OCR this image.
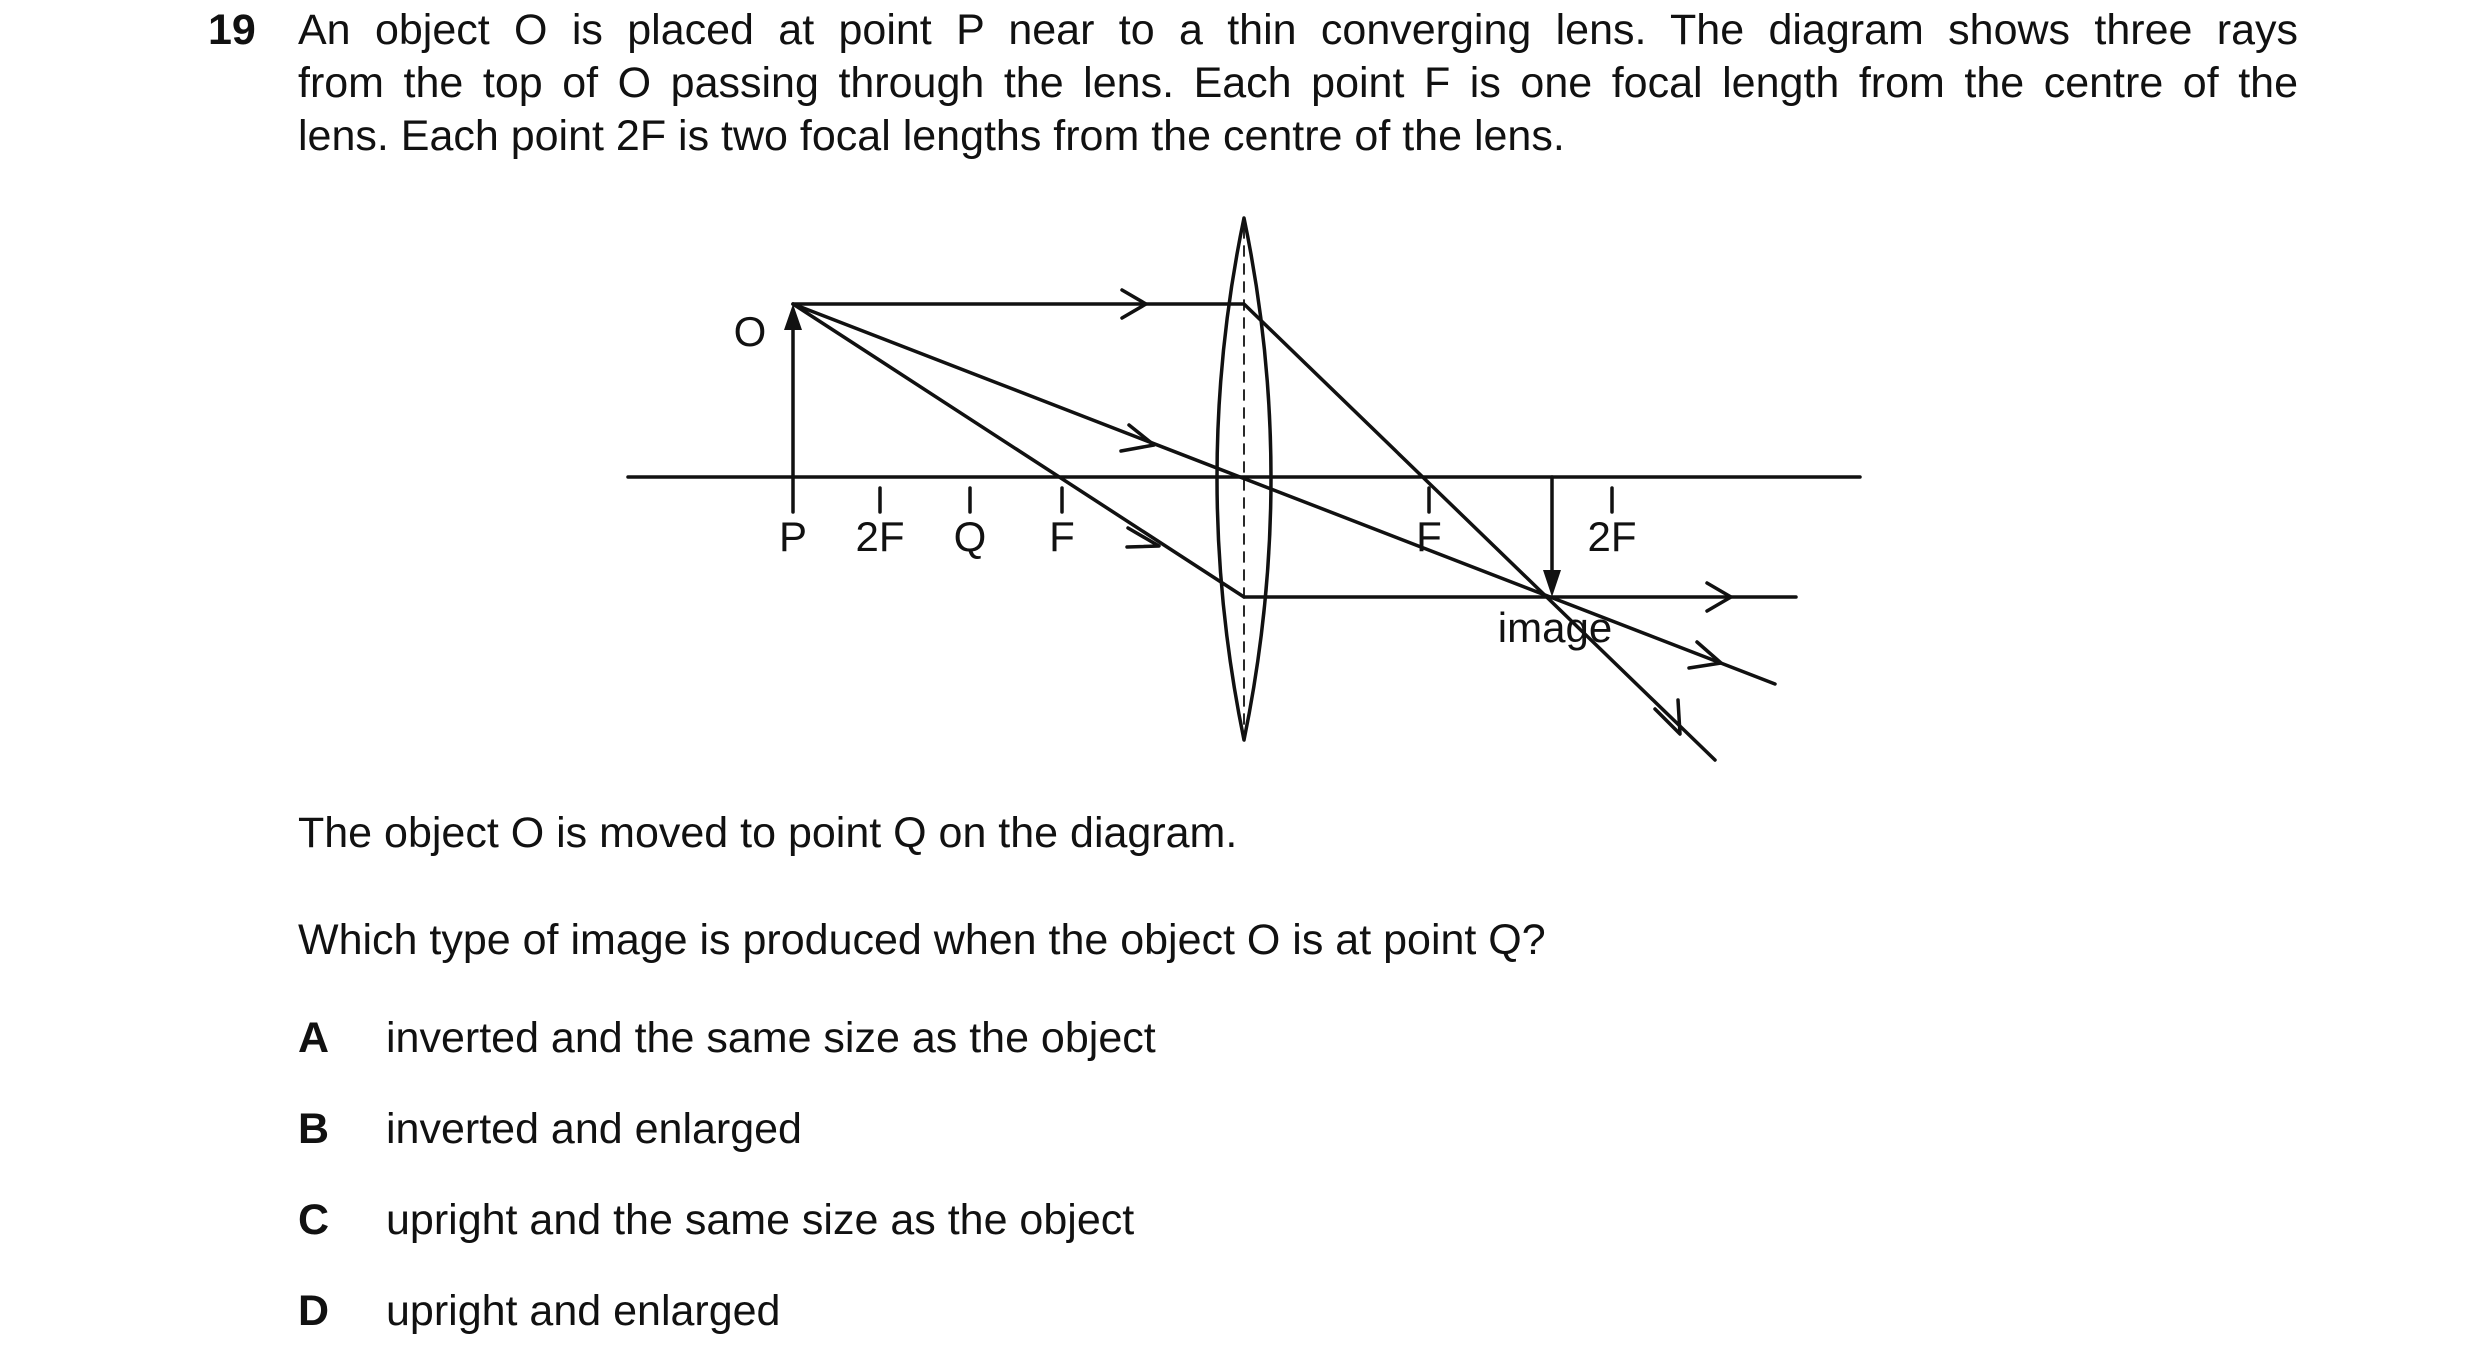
19 An object O is placed at point P near to a thin converging lens. The diagram shows three rays
from the top of O passing through the lens. Each point F is one focal length from the centre of the
lens. Each point 2F is two focal lengths from the centre of the lens.
O
P 2F Q F	F	2F
image
The object O is moved to point Q on the diagram.
Which type of image is produced when the object O is at point Q?
A inverted and the same size as the object
B inverted and enlarged
C upright and the same size as the object
D upright and enlarged
